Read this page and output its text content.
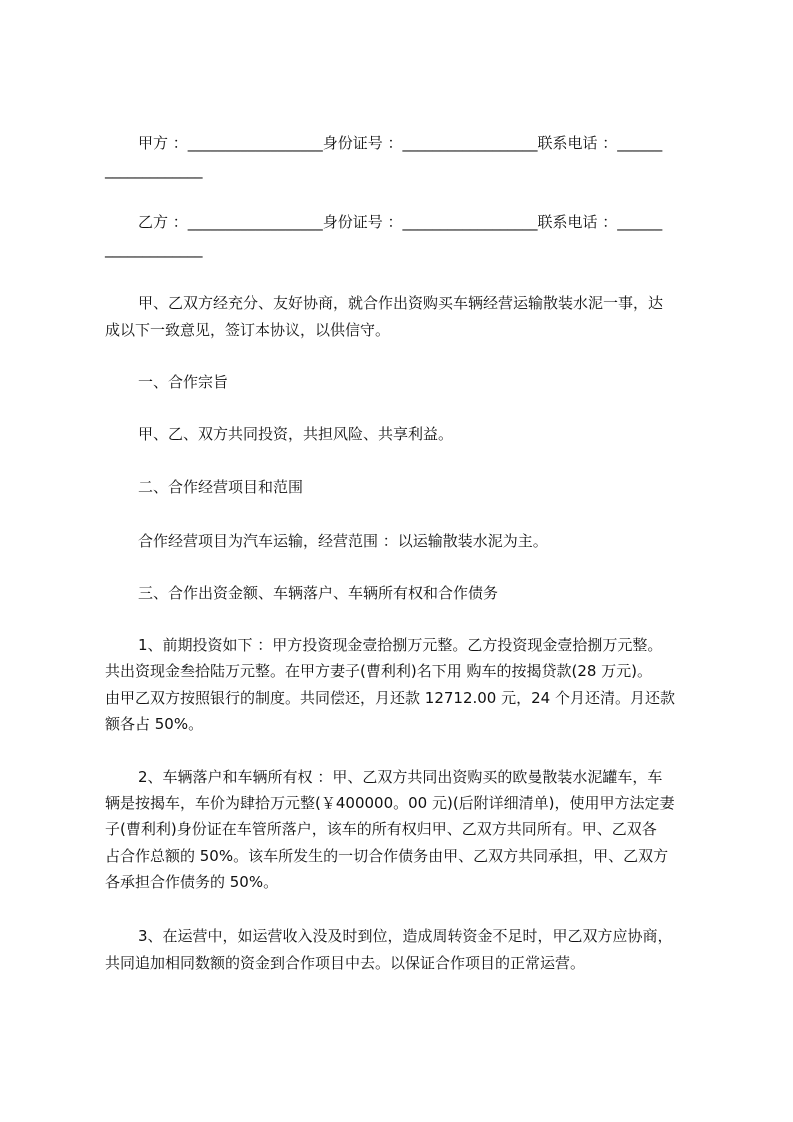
甲方 ：__________________身份证号 ：__________________联系电话 ：______
_____________
乙方 ：__________________身份证号 ：__________________联系电话 ：______
_____________
甲、乙双方经充分、友好协商，就合作出资购买车辆经营运输散装水泥一事，达
成以下一致意见，签订本协议，以供信守。
一、合作宗旨
甲、乙、双方共同投资，共担风险、共享利益。
二、合作经营项目和范围
合作经营项目为汽车运输，经营范围 ：以运输散装水泥为主。
三、合作出资金额、车辆落户、车辆所有权和合作债务
1、前期投资如下 ：甲方投资现金壹拾捌万元整。乙方投资现金壹拾捌万元整。
共出资现金叁拾陆万元整。在甲方妻子(曹利利)名下用 购车的按揭贷款(28 万元)。
由甲乙双方按照银行的制度。共同偿还，月还款 12712.00 元，24 个月还清。月还款
额各占 50%。
2、车辆落户和车辆所有权 ：甲、乙双方共同出资购买的欧曼散装水泥罐车，车
辆是按揭车，车价为肆拾万元整(￥400000。00 元)(后附详细清单)，使用甲方法定妻
子(曹利利)身份证在车管所落户，该车的所有权归甲、乙双方共同所有。甲、乙双各
占合作总额的 50%。该车所发生的一切合作债务由甲、乙双方共同承担，甲、乙双方
各承担合作债务的 50%。
3、在运营中，如运营收入没及时到位，造成周转资金不足时，甲乙双方应协商，
共同追加相同数额的资金到合作项目中去。以保证合作项目的正常运营。
